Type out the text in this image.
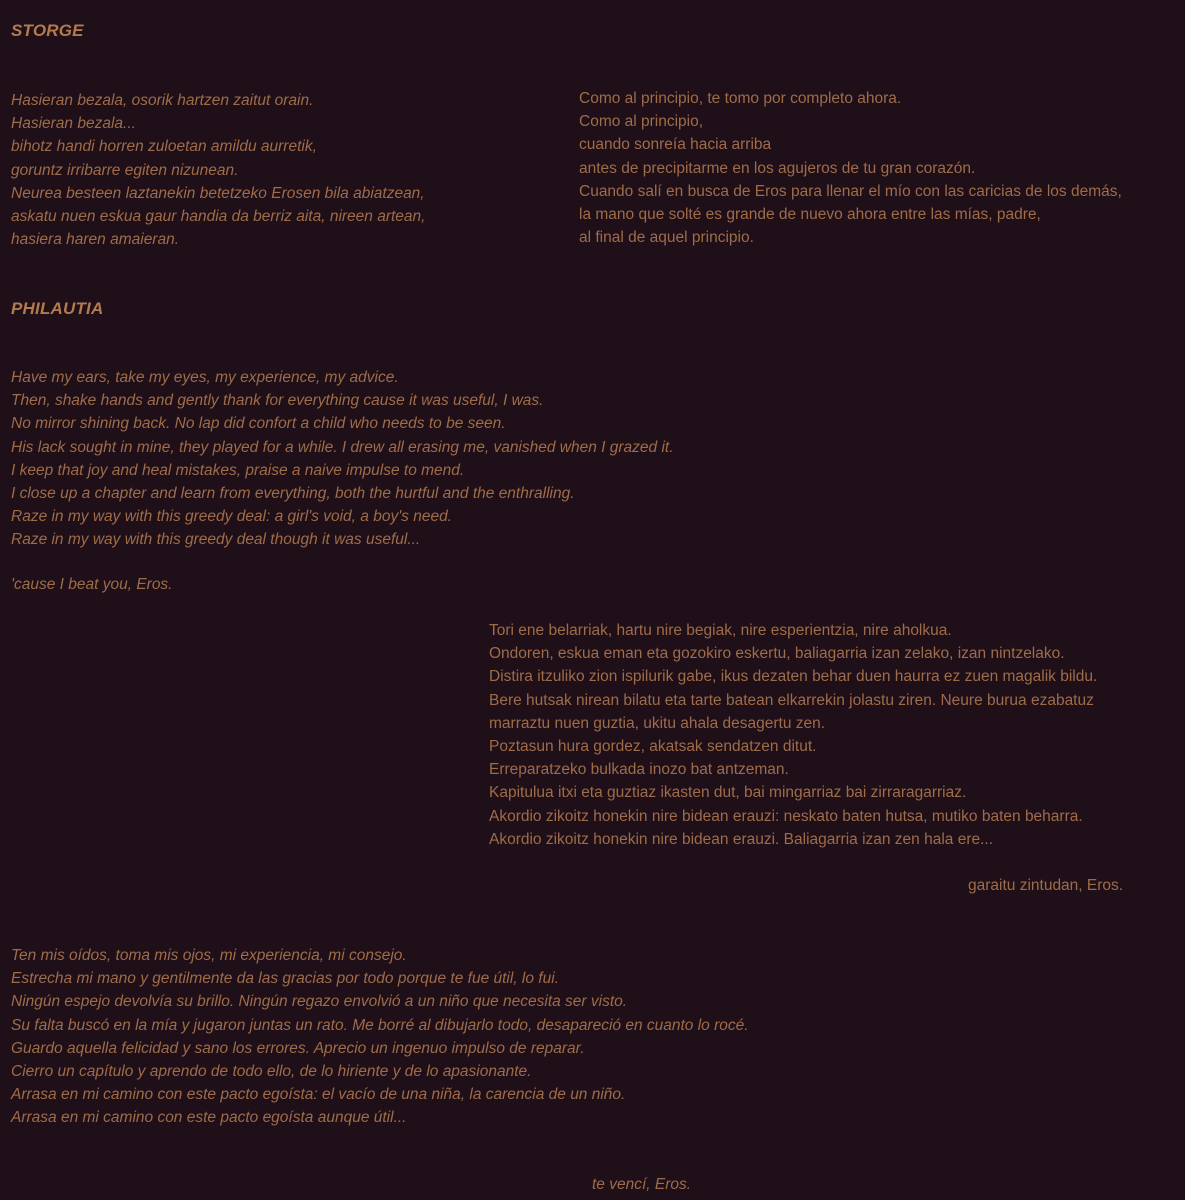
STORGE
Hasieran bezala, osorik hartzen zaitut orain.
Hasieran bezala...
bihotz handi horren zuloetan amildu aurretik,
goruntz irribarre egiten nizunean.
Neurea besteen laztanekin betetzeko Erosen bila abiatzean,
askatu nuen eskua gaur handia da berriz aita, nireen artean,
hasiera haren amaieran.
Como al principio, te tomo por completo ahora.
Como al principio,
cuando sonreía hacia arriba
antes de precipitarme en los agujeros de tu gran corazón.
Cuando salí en busca de Eros para llenar el mío con las caricias de los demás,
la mano que solté es grande de nuevo ahora entre las mías, padre,
al final de aquel principio.
PHILAUTIA
Have my ears, take my eyes, my experience, my advice.
Then, shake hands and gently thank for everything cause it was useful, I was.
No mirror shining back. No lap did confort a child who needs to be seen.
His lack sought in mine, they played for a while. I drew all erasing me, vanished when I grazed it.
I keep that joy and heal mistakes, praise a naive impulse to mend.
I close up a chapter and learn from everything, both the hurtful and the enthralling.
Raze in my way with this greedy deal: a girl's void, a boy's need.
Raze in my way with this greedy deal though it was useful...

'cause I beat you, Eros.

Tori ene belarriak, hartu nire begiak, nire esperientzia, nire aholkua.
Ondoren, eskua eman eta gozokiro eskertu, baliagarria izan zelako, izan nintzelako.
Distira itzuliko zion ispilurik gabe, ikus dezaten behar duen haurra ez zuen magalik bildu.
Bere hutsak nirean bilatu eta tarte batean elkarrekin jolastu ziren. Neure burua ezabatuz
marraztu nuen guztia, ukitu ahala desagertu zen.
Poztasun hura gordez, akatsak sendatzen ditut.
Erreparatzeko bulkada inozo bat antzeman.
Kapitulua itxi eta guztiaz ikasten dut, bai mingarriaz bai zirraragarriaz.
Akordio zikoitz honekin nire bidean erauzi: neskato baten hutsa, mutiko baten beharra.
Akordio zikoitz honekin nire bidean erauzi. Baliagarria izan zen hala ere...

garaitu zintudan, Eros.

Ten mis oídos, toma mis ojos, mi experiencia, mi consejo.
Estrecha mi mano y gentilmente da las gracias por todo porque te fue útil, lo fui.
Ningún espejo devolvía su brillo. Ningún regazo envolvió a un niño que necesita ser visto.
Su falta buscó en la mía y jugaron juntas un rato. Me borré al dibujarlo todo, desapareció en cuanto lo rocé.
Guardo aquella felicidad y sano los errores. Aprecio un ingenuo impulso de reparar.
Cierro un capítulo y aprendo de todo ello, de lo hiriente y de lo apasionante.
Arrasa en mi camino con este pacto egoísta: el vacío de una niña, la carencia de un niño.
Arrasa en mi camino con este pacto egoísta aunque útil...

te vencí, Eros.
